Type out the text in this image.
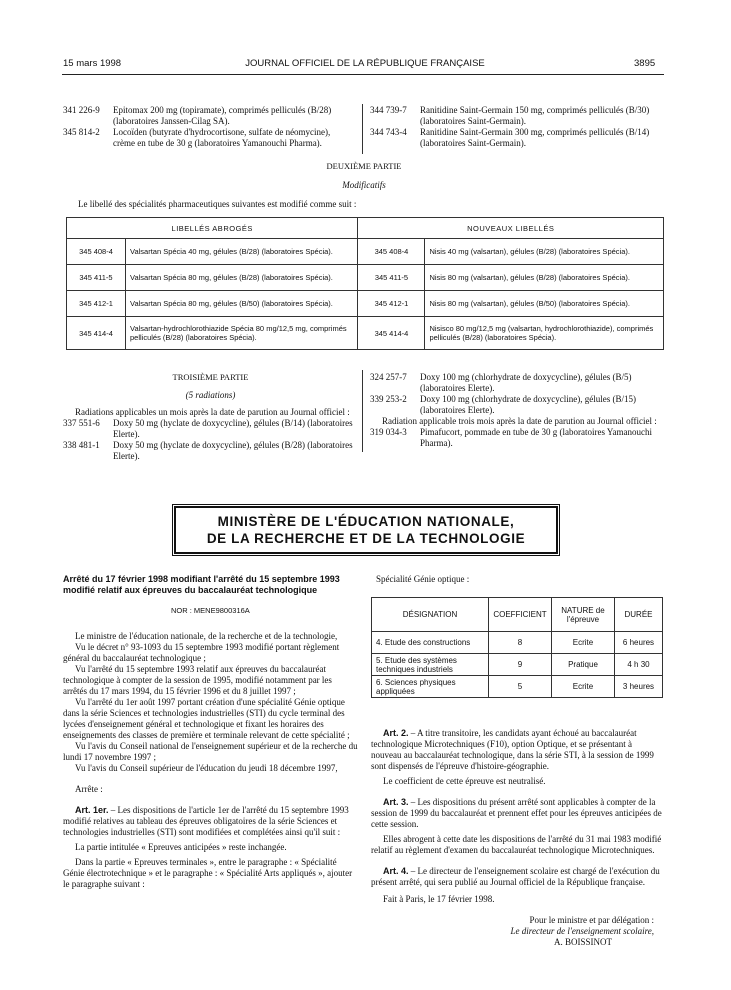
15 mars 1998	JOURNAL OFFICIEL DE LA RÉPUBLIQUE FRANÇAISE	3895
341 226-9	Epitomax 200 mg (topiramate), comprimés pelliculés (B/28) (laboratoires Janssen-Cilag SA).
345 814-2	Locoïden (butyrate d'hydrocortisone, sulfate de néomycine), crème en tube de 30 g (laboratoires Yamanouchi Pharma).
344 739-7	Ranitidine Saint-Germain 150 mg, comprimés pelliculés (B/30) (laboratoires Saint-Germain).
344 743-4	Ranitidine Saint-Germain 300 mg, comprimés pelliculés (B/14) (laboratoires Saint-Germain).
DEUXIÈME PARTIE
Modificatifs
Le libellé des spécialités pharmaceutiques suivantes est modifié comme suit :
LIBELLÉS ABROGÉS		NOUVEAUX LIBELLÉS	
345 408-4	Valsartan Spécia 40 mg, gélules (B/28) (laboratoires Spécia).	345 408-4	Nisis 40 mg (valsartan), gélules (B/28) (laboratoires Spécia).
345 411-5	Valsartan Spécia 80 mg, gélules (B/28) (laboratoires Spécia).	345 411-5	Nisis 80 mg (valsartan), gélules (B/28) (laboratoires Spécia).
345 412-1	Valsartan Spécia 80 mg, gélules (B/50) (laboratoires Spécia).	345 412-1	Nisis 80 mg (valsartan), gélules (B/50) (laboratoires Spécia).
345 414-4	Valsartan-hydrochlorothiazide Spécia 80 mg/12,5 mg, comprimés pelliculés (B/28) (laboratoires Spécia).	345 414-4	Nisisco 80 mg/12,5 mg (valsartan, hydrochlorothiazide), comprimés pelliculés (B/28) (laboratoires Spécia).
TROISIÈME PARTIE
(5 radiations)

Radiations applicables un mois après la date de parution au Journal officiel :

337 551-6	Doxy 50 mg (hyclate de doxycycline), gélules (B/14) (laboratoires Elerte).
338 481-1	Doxy 50 mg (hyclate de doxycycline), gélules (B/28) (laboratoires Elerte).
324 257-7	Doxy 100 mg (chlorhydrate de doxycycline), gélules (B/5) (laboratoires Elerte).
339 253-2	Doxy 100 mg (chlorhydrate de doxycycline), gélules (B/15) (laboratoires Elerte).

Radiation applicable trois mois après la date de parution au Journal officiel :

319 034-3	Pimafucort, pommade en tube de 30 g (laboratoires Yamanouchi Pharma).
MINISTÈRE DE L'ÉDUCATION NATIONALE,
DE LA RECHERCHE ET DE LA TECHNOLOGIE

Arrêté du 17 février 1998 modifiant l'arrêté du 15 septembre 1993 modifié relatif aux épreuves du baccalauréat technologique

NOR : MENE9800316A

Le ministre de l'éducation nationale, de la recherche et de la technologie,

Vu le décret n° 93-1093 du 15 septembre 1993 modifié portant règlement général du baccalauréat technologique ;

Vu l'arrêté du 15 septembre 1993 relatif aux épreuves du baccalauréat technologique à compter de la session de 1995, modifié notamment par les arrêtés du 17 mars 1994, du 15 février 1996 et du 8 juillet 1997 ;

Vu l'arrêté du 1er août 1997 portant création d'une spécialité Génie optique dans la série Sciences et technologies industrielles (STI) du cycle terminal des lycées d'enseignement général et technologique et fixant les horaires des enseignements des classes de première et terminale relevant de cette spécialité ;

Vu l'avis du Conseil national de l'enseignement supérieur et de la recherche du lundi 17 novembre 1997 ;

Vu l'avis du Conseil supérieur de l'éducation du jeudi 18 décembre 1997,

Arrête :

Art. 1er. – Les dispositions de l'article 1er de l'arrêté du 15 septembre 1993 modifié relatives au tableau des épreuves obligatoires de la série Sciences et technologies industrielles (STI) sont modifiées et complétées ainsi qu'il suit :

La partie intitulée « Epreuves anticipées » reste inchangée.

Dans la partie « Epreuves terminales », entre le paragraphe : « Spécialité Génie électrotechnique » et le paragraphe : « Spécialité Arts appliqués », ajouter le paragraphe suivant :

Spécialité Génie optique :
DÉSIGNATION	COEFFICIENT	NATURE de l'épreuve	DURÉE
4. Etude des constructions	8	Ecrite	6 heures
5. Etude des systèmes techniques industriels	9	Pratique	4 h 30
6. Sciences physiques appliquées	5	Ecrite	3 heures

Art. 2. – A titre transitoire, les candidats ayant échoué au baccalauréat technologique Microtechniques (F10), option Optique, et se présentant à nouveau au baccalauréat technologique, dans la série STI, à la session de 1999 sont dispensés de l'épreuve d'histoire-géographie.

Le coefficient de cette épreuve est neutralisé.

Art. 3. – Les dispositions du présent arrêté sont applicables à compter de la session de 1999 du baccalauréat et prennent effet pour les épreuves anticipées de cette session.

Elles abrogent à cette date les dispositions de l'arrêté du 31 mai 1983 modifié relatif au règlement d'examen du baccalauréat technologique Microtechniques.

Art. 4. – Le directeur de l'enseignement scolaire est chargé de l'exécution du présent arrêté, qui sera publié au Journal officiel de la République française.

Fait à Paris, le 17 février 1998.

Pour le ministre et par délégation :

Le directeur de l'enseignement scolaire,

A. BOISSINOT
